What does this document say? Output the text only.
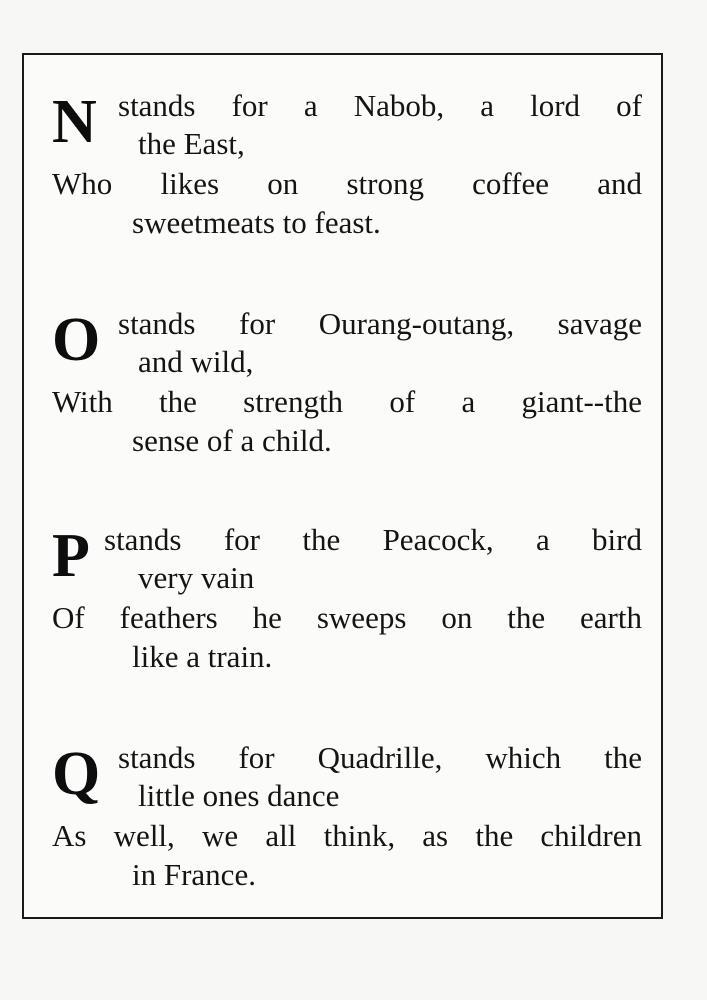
N stands for a Nabob, a lord of
the East,
Who likes on strong coffee and
sweetmeats to feast.
O stands for Ourang-outang, savage
and wild,
With the strength of a giant--the
sense of a child.
P stands for the Peacock, a bird
very vain
Of feathers he sweeps on the earth
like a train.
Q stands for Quadrille, which the
little ones dance
As well, we all think, as the children
in France.
